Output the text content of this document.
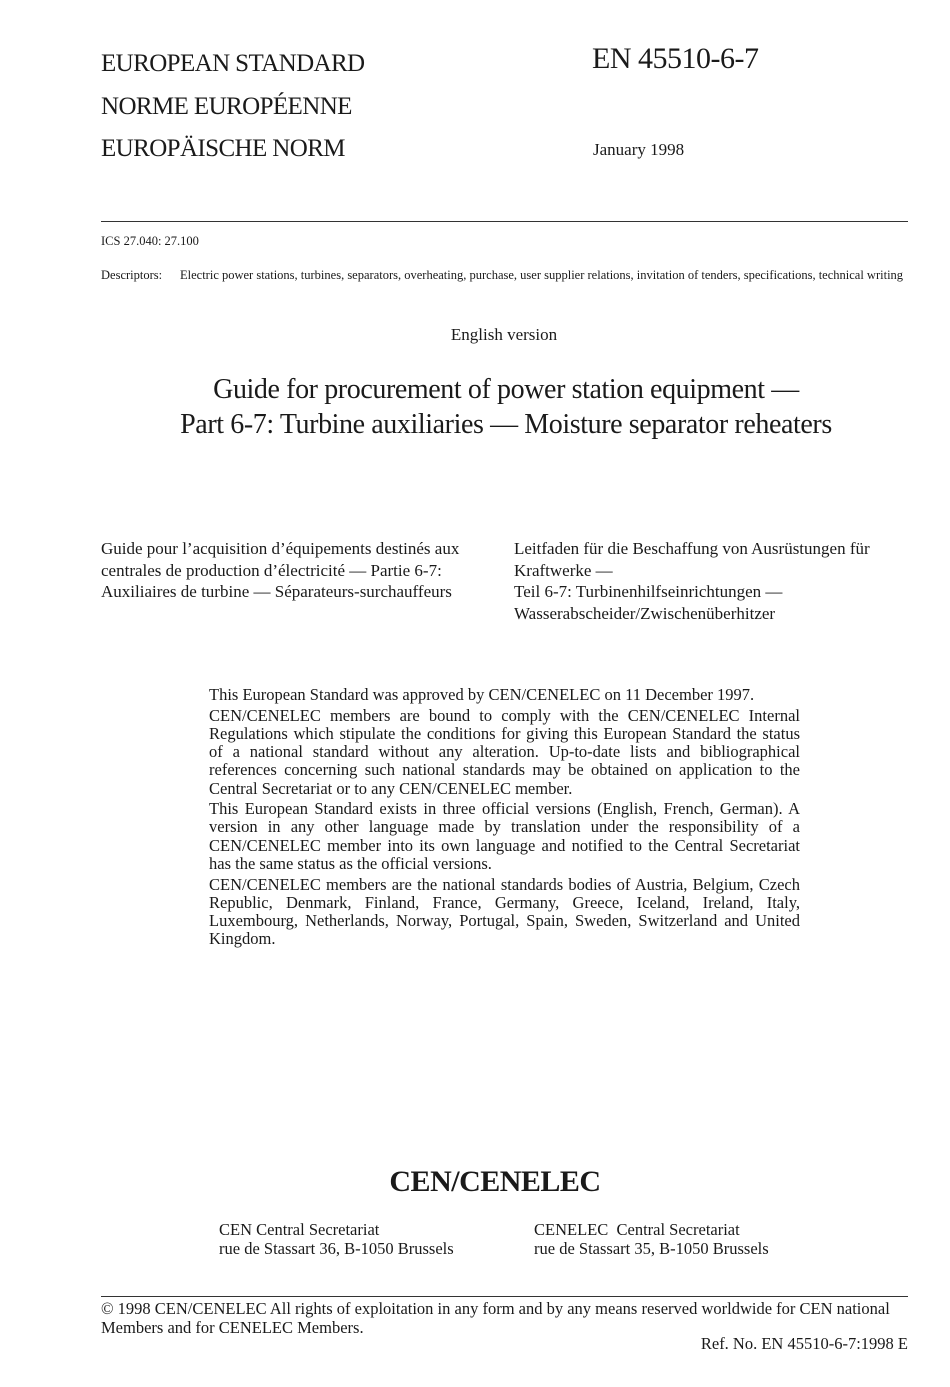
EUROPEAN STANDARD
NORME EUROPÉENNE
EUROPÄISCHE NORM
EN 45510-6-7
January 1998
ICS 27.040: 27.100
Descriptors: Electric power stations, turbines, separators, overheating, purchase, user supplier relations, invitation of tenders, specifications, technical writing
English version
Guide for procurement of power station equipment —
Part 6-7: Turbine auxiliaries — Moisture separator reheaters
Guide pour l’acquisition d’équipements destinés aux centrales de production d’électricité — Partie 6-7: Auxiliaires de turbine — Séparateurs-surchauffeurs
Leitfaden für die Beschaffung von Ausrüstungen für Kraftwerke —
Teil 6-7: Turbinenhilfseinrichtungen — Wasserabscheider/Zwischenüberhitzer

This European Standard was approved by CEN/CENELEC on 11 December 1997.

CEN/CENELEC members are bound to comply with the CEN/CENELEC Internal Regulations which stipulate the conditions for giving this European Standard the status of a national standard without any alteration. Up-to-date lists and bibliographical references concerning such national standards may be obtained on application to the Central Secretariat or to any CEN/CENELEC member.

This European Standard exists in three official versions (English, French, German). A version in any other language made by translation under the responsibility of a CEN/CENELEC member into its own language and notified to the Central Secretariat has the same status as the official versions.

CEN/CENELEC members are the national standards bodies of Austria, Belgium, Czech Republic, Denmark, Finland, France, Germany, Greece, Iceland, Ireland, Italy, Luxembourg, Netherlands, Norway, Portugal, Spain, Sweden, Switzerland and United Kingdom.

CEN/CENELEC
CEN Central Secretariat
rue de Stassart 36, B-1050 Brussels
CENELEC  Central Secretariat
rue de Stassart 35, B-1050 Brussels
© 1998 CEN/CENELEC All rights of exploitation in any form and by any means reserved worldwide for CEN national Members and for CENELEC Members.
Ref. No. EN 45510-6-7:1998 E
